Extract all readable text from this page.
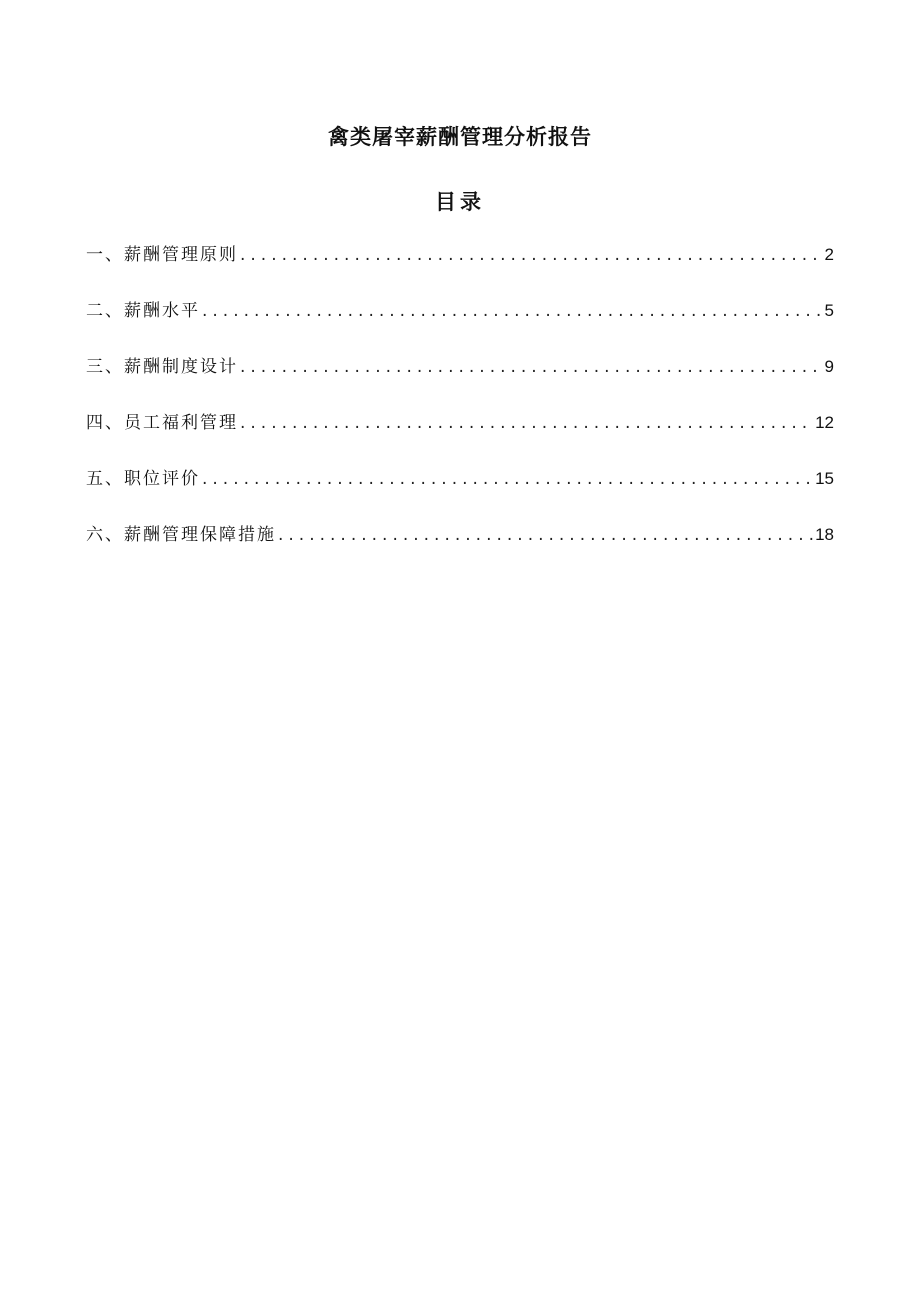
禽类屠宰薪酬管理分析报告
目录
一、薪酬管理原则 .....	2
二、薪酬水平 .....	5
三、薪酬制度设计 .....	9
四、员工福利管理 .....	12
五、职位评价 .....	15
六、薪酬管理保障措施 .....	18
